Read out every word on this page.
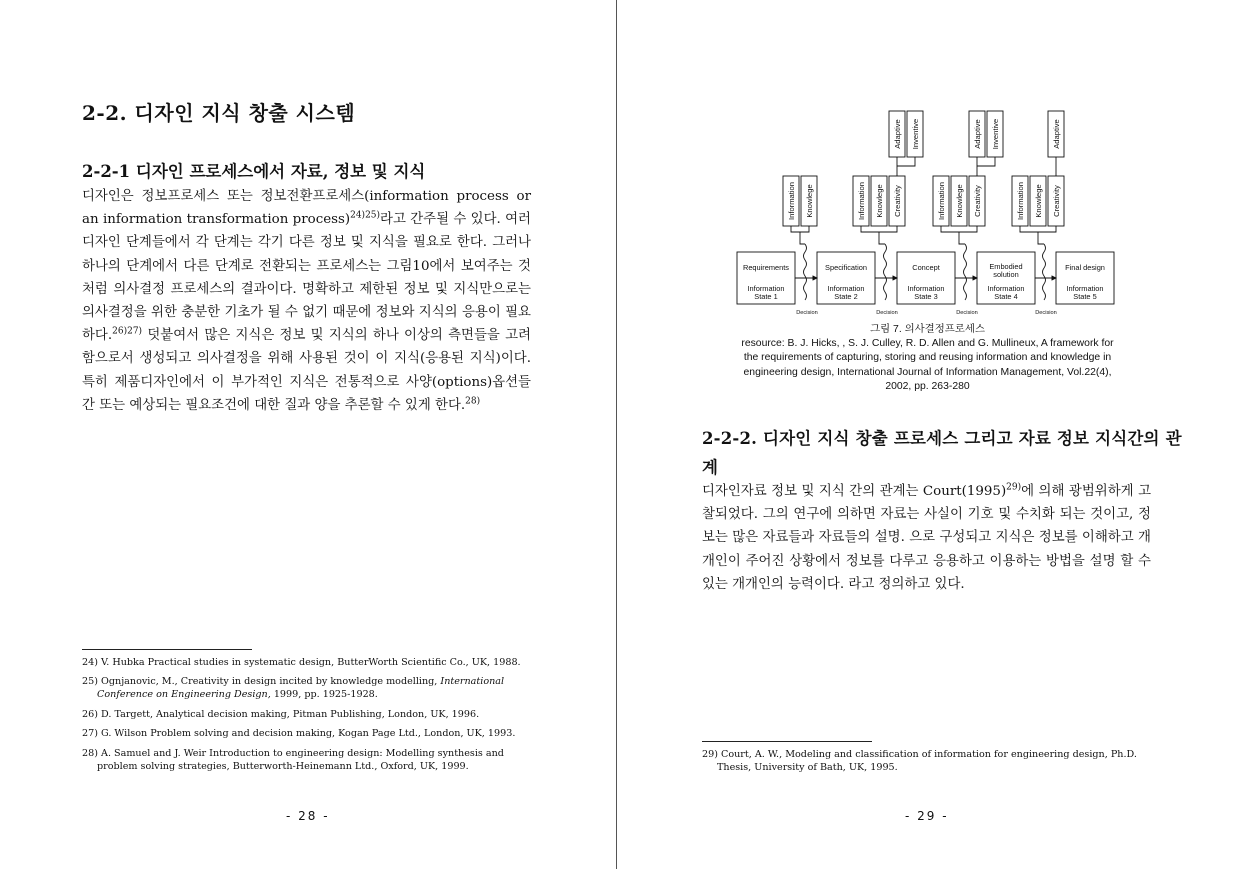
2-2. 디자인 지식 창출 시스템
2-2-1 디자인 프로세스에서 자료, 정보 및 지식

디자인은 정보프로세스 또는 정보전환프로세스(information process or an information transformation process)$^{24)25)}$라고 간주될 수 있다. 여러 디자인 단계들에서 각 단계는 각기 다른 정보 및 지식을 필요로 한다. 그러나 하나의 단계에서 다른 단계로 전환되는 프로세스는 그림10에서 보여주는 것처럼 의사결정 프로세스의 결과이다. 명확하고 제한된 정보 및 지식만으로는 의사결정을 위한 충분한 기초가 될 수 없기 때문에 정보와 지식의 응용이 필요하다.$^{26)27)}$ 덧붙여서 많은 지식은 정보 및 지식의 하나 이상의 측면들을 고려함으로서 생성되고 의사결정을 위해 사용된 것이 이 지식(응용된 지식)이다. 특히 제품디자인에서 이 부가적인 지식은 전통적으로 사양(options)옵션들 간 또는 예상되는 필요조건에 대한 질과 양을 추론할 수 있게 한다.$^{28)}$

24) V. Hubka Practical studies in systematic design, ButterWorth Scientific Co., UK, 1988.
25) Ognjanovic, M., Creativity in design incited by knowledge modelling, International Conference on Engineering Design, 1999, pp. 1925-1928.
26) D. Targett, Analytical decision making, Pitman Publishing, London, UK, 1996.
27) G. Wilson Problem solving and decision making, Kogan Page Ltd., London, UK, 1993.
28) A. Samuel and J. Weir Introduction to engineering design: Modelling synthesis and problem solving strategies, Butterworth-Heinemann Ltd., Oxford, UK, 1999.
- 28 -
Requirements
Information
State 1
Specification
Information
State 2
Concept
Information
State 3
Embodied
solution
Information
State 4
Final design
Information
State 5
Decision	Decision	Decision	Decision
Information Knowlege	Information Knowlege Creativity
Adaptive Inventive
Information Knowlege Creativity
Adaptive Inventive
Information Knowlege Creativity
Adaptive
그림 7. 의사결정프로세스
resource: B. J. Hicks, , S. J. Culley, R. D. Allen and G. Mullineux, A framework for the requirements of capturing, storing and reusing information and knowledge in engineering design, International Journal of Information Management, Vol.22(4), 2002, pp. 263-280
2-2-2. 디자인 지식 창출 프로세스 그리고 자료 정보 지식간의 관
계

디자인자료 정보 및 지식 간의 관계는 $Court(1995)^{29)}$에 의해 광범위하게 고찰되었다. 그의 연구에 의하면 자료는 사실이 기호 및 수치화 되는 것이고, 정보는 많은 자료들과 자료들의 설명. 으로 구성되고 지식은 정보를 이해하고 개개인이 주어진 상황에서 정보를 다루고 응용하고 이용하는 방법을 설명 할 수 있는 개개인의 능력이다. 라고 정의하고 있다.

29) Court, A. W., Modeling and classification of information for engineering design, Ph.D. Thesis, University of Bath, UK, 1995.
- 29 -
